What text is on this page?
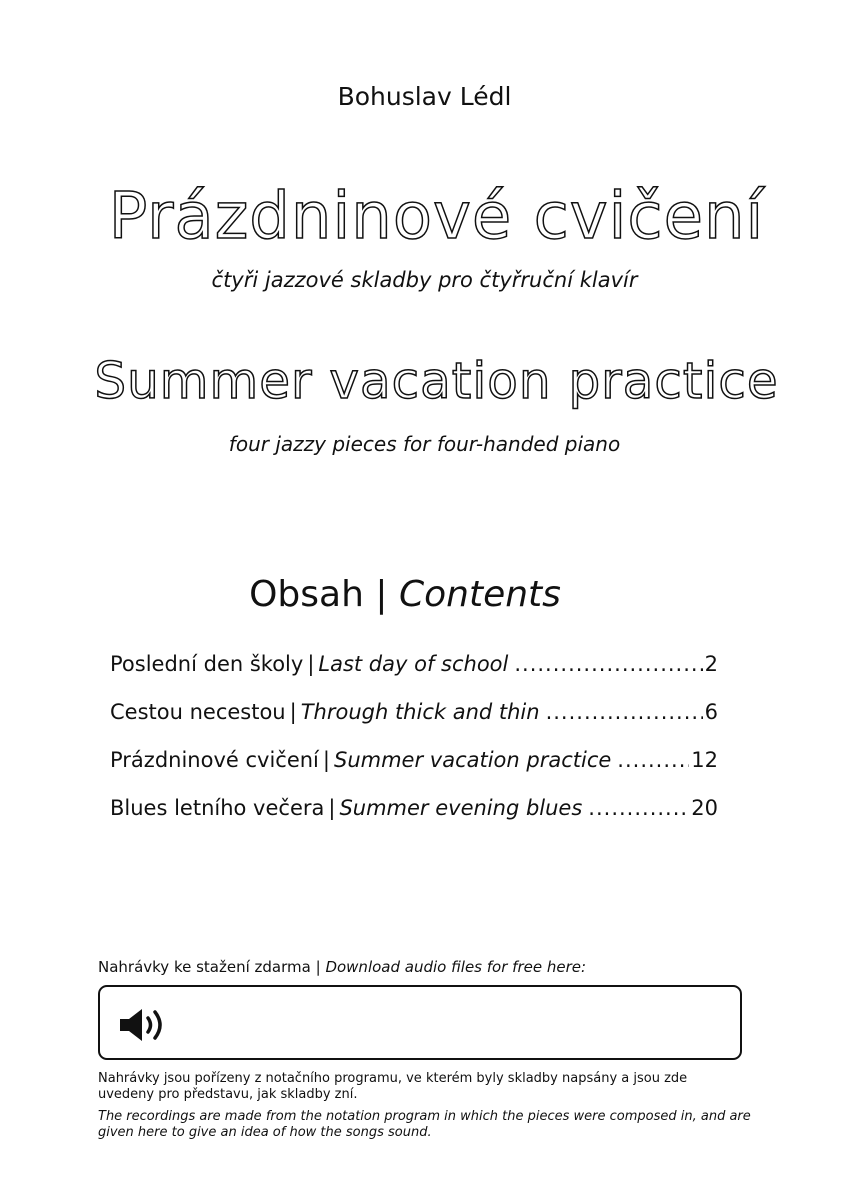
Bohuslav Lédl
Prázdninové cvičení
čtyři jazzové skladby pro čtyřruční klavír
Summer vacation practice
four jazzy pieces for four-handed piano
Obsah | Contents
Poslední den školy | Last day of school .....	2
Cestou necestou | Through thick and thin .....	6
Prázdninové cvičení | Summer vacation practice .....	12
Blues letního večera | Summer evening blues .....	20
Nahrávky ke stažení zdarma | Download audio files for free here:
Nahrávky jsou pořízeny z notačního programu, ve kterém byly skladby napsány a jsou zde uvedeny pro představu, jak skladby zní.
The recordings are made from the notation program in which the pieces were composed in, and are given here to give an idea of how the songs sound.
